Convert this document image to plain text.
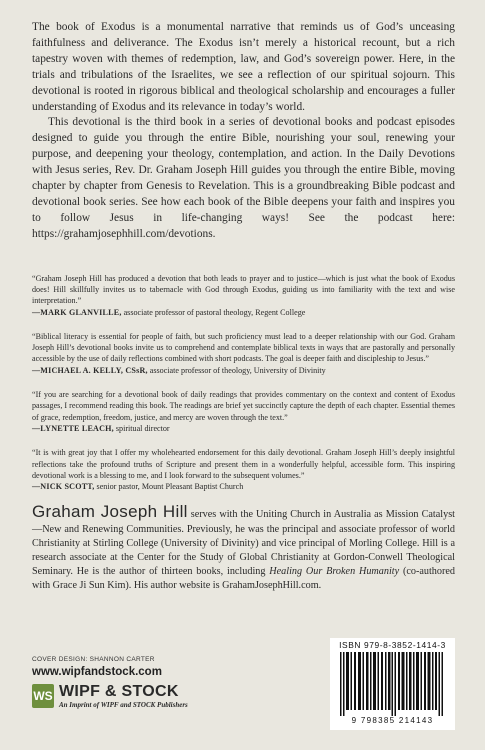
The book of Exodus is a monumental narrative that reminds us of God’s unceasing faithfulness and deliverance. The Exodus isn’t merely a historical recount, but a rich tapestry woven with themes of redemption, law, and God’s sovereign power. Here, in the trials and tribulations of the Israelites, we see a reflection of our spiritual sojourn. This devotional is rooted in rigorous biblical and theological scholarship and encourages a fuller understanding of Exodus and its relevance in today’s world.

This devotional is the third book in a series of devotional books and podcast episodes designed to guide you through the entire Bible, nourishing your soul, renewing your purpose, and deepening your theology, contemplation, and action. In the Daily Devotions with Jesus series, Rev. Dr. Graham Joseph Hill guides you through the entire Bible, moving chapter by chapter from Genesis to Revelation. This is a groundbreaking Bible podcast and devotional book series. See how each book of the Bible deepens your faith and inspires you to follow Jesus in life-changing ways! See the podcast here: https://grahamjosephhill.com/devotions.

“Graham Joseph Hill has produced a devotion that both leads to prayer and to justice—which is just what the book of Exodus does! Hill skillfully invites us to tabernacle with God through Exodus, guiding us into familiarity with the text and wise interpretation.”

—MARK GLANVILLE, associate professor of pastoral theology, Regent College

“Biblical literacy is essential for people of faith, but such proficiency must lead to a deeper relationship with our God. Graham Joseph Hill’s devotional books invite us to comprehend and contemplate biblical texts in ways that are pastorally and personally accessible by the use of daily reflections combined with short podcasts. The goal is deeper faith and discipleship to Jesus.”

—MICHAEL A. KELLY, CSsR, associate professor of theology, University of Divinity

“If you are searching for a devotional book of daily readings that provides commentary on the context and content of Exodus passages, I recommend reading this book. The readings are brief yet succinctly capture the depth of each chapter. Essential themes of grace, redemption, freedom, justice, and mercy are woven through the text.”

—LYNETTE LEACH, spiritual director

“It is with great joy that I offer my wholehearted endorsement for this daily devotional. Graham Joseph Hill’s deeply insightful reflections take the profound truths of Scripture and present them in a wonderfully helpful, accessible form. This inspiring devotional work is a blessing to me, and I look forward to the subsequent volumes.”

—NICK SCOTT, senior pastor, Mount Pleasant Baptist Church
Graham Joseph Hill serves with the Uniting Church in Australia as Mission Catalyst—New and Renewing Communities. Previously, he was the principal and associate professor of world Christianity at Stirling College (University of Divinity) and vice principal of Morling College. Hill is a research associate at the Center for the Study of Global Christianity at Gordon-Conwell Theological Seminary. He is the author of thirteen books, including Healing Our Broken Humanity (co-authored with Grace Ji Sun Kim). His author website is GrahamJosephHill.com.
COVER DESIGN: SHANNON CARTER
www.wipfandstock.com
WS WIPF & STOCK
An Imprint of WIPF and STOCK Publishers
ISBN 979-8-3852-1414-3
9 798385 214143
